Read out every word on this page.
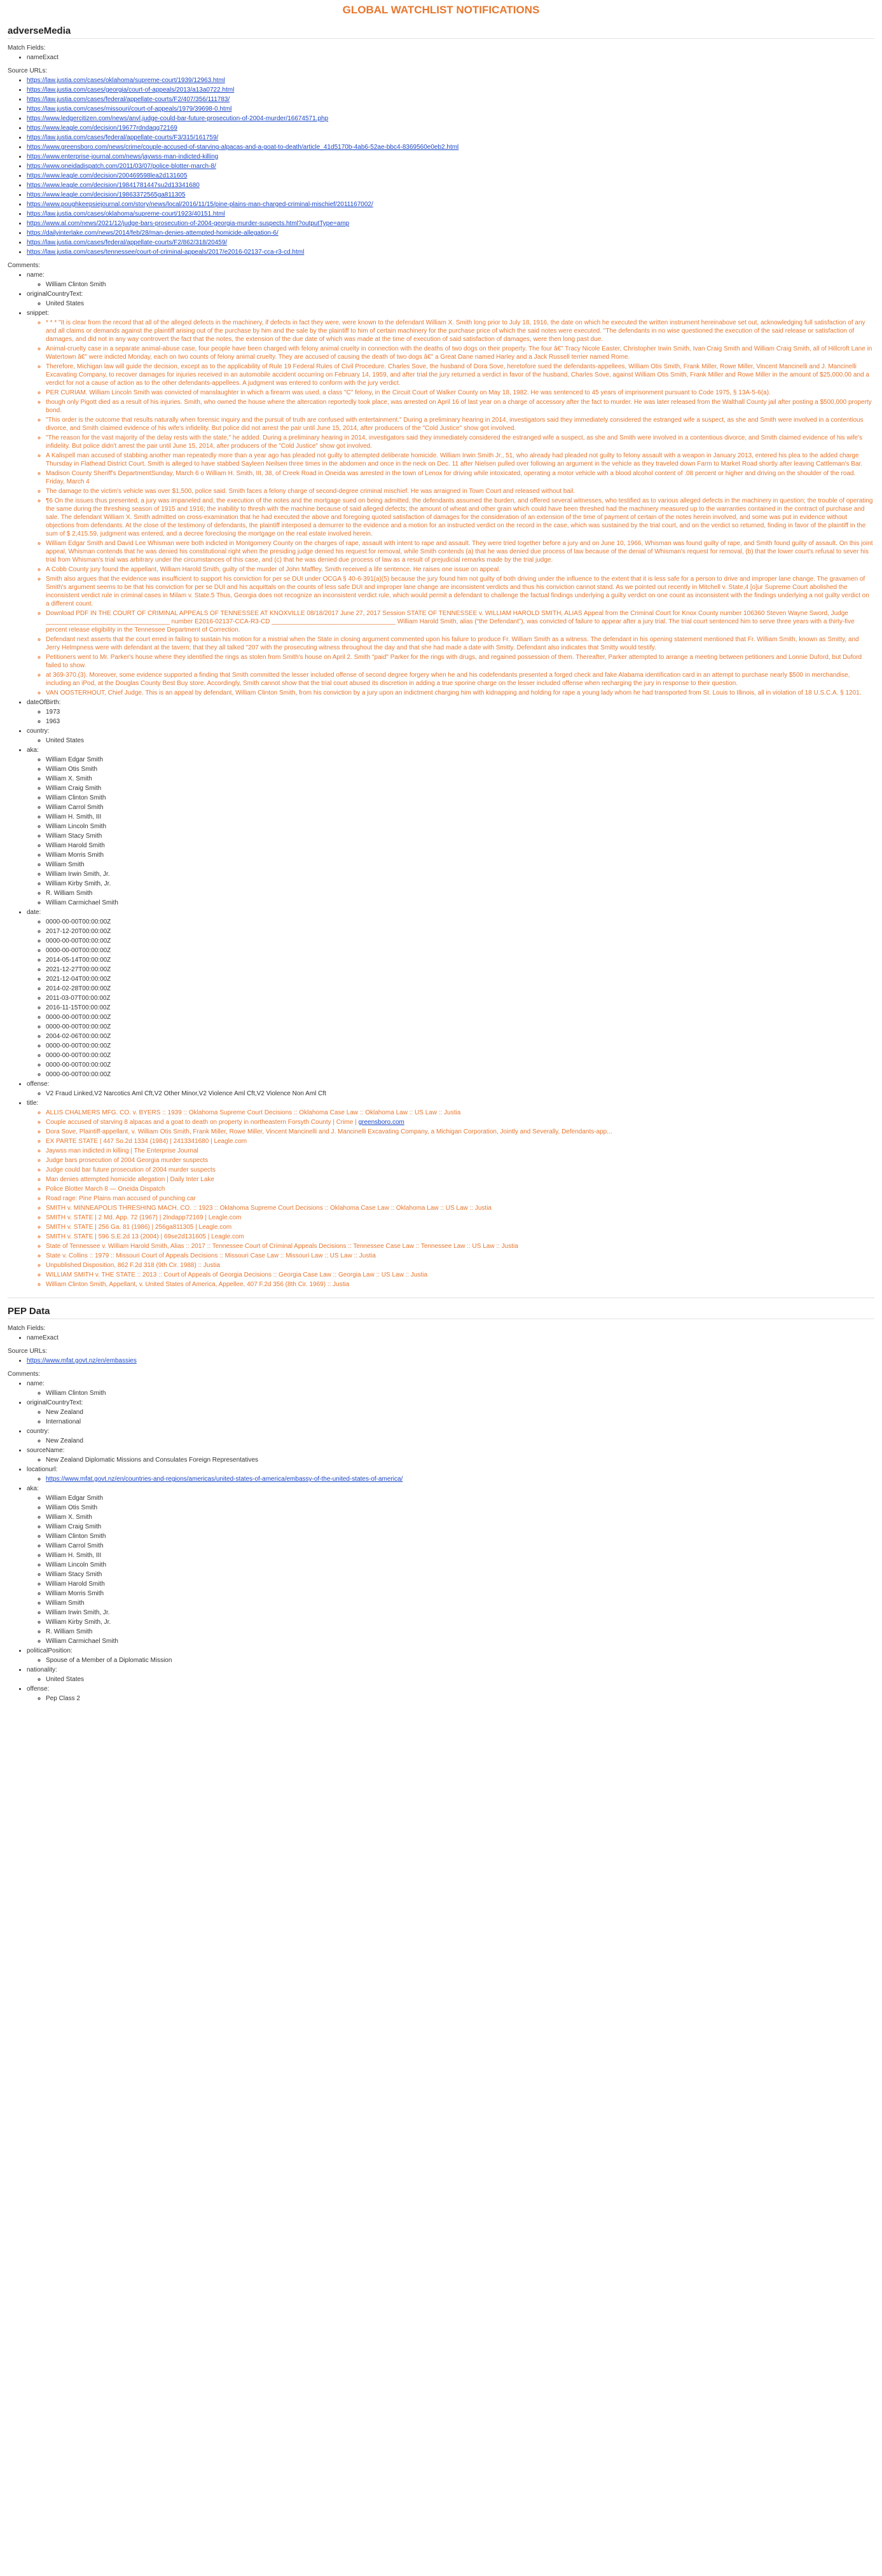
GLOBAL WATCHLIST NOTIFICATIONS
adverseMedia
Match Fields:
• nameExact
Source URLs:
• https://law.justia.com/cases/oklahoma/supreme-court/1939/12963.html
• https://law.justia.com/cases/georgia/court-of-appeals/2013/a13a0722.html
• https://law.justia.com/cases/federal/appellate-courts/F2/407/356/111783/
• https://law.justia.com/cases/missouri/court-of-appeals/1979/39698-0.html
• https://www.ledgercitizen.com/news/anvl.judge-could-bar-future-prosecution-of-2004-murder/16674571.php
• https://www.leagle.com/decision/19677rdndaqq72169
• https://law.justia.com/cases/federal/appellate-courts/F3/315/161759/
• https://www.greensboro.com/news/crime/couple-accused-of-starving-alpacas-and-a-goat-to-death/article_41d5170b-4ab6-52ae-bbc4-8369560e0eb2.html
• https://www.enterprise-journal.com/news/jaywss-man-indicted-killing
• https://www.oneidadispatch.com/2011/03/07/police-blotter-march-8/
• https://www.leagle.com/decision/200469598lea2d131605
• https://www.leagle.com/decision/19841781447su2d13341680
• https://www.leagle.com/decision/19863372565ga811305
• https://www.poughkeepsiejournal.com/story/news/local/2016/11/15/pine-plains-man-charged-criminal-mischief/2011167002/
• https://law.justia.com/cases/oklahoma/supreme-court/1923/40151.html
• https://www.al.com/news/2021/12/judge-bars-prosecution-of-2004-georgia-murder-suspects.html?outputType=amp
• https://dailyinterlake.com/news/2014/feb/28/man-denies-attempted-homicide-allegation-6/
• https://law.justia.com/cases/federal/appellate-courts/F2/862/318/20459/
• https://law.justia.com/cases/tennessee/court-of-criminal-appeals/2017/e2016-02137-cca-r3-cd.html
Comments:
• name:
◦ William Clinton Smith
• originalCountryText:
◦ United States
• snippet:
◦ * * * "It is clear from the record that all of the alleged defects in the machinery, if defects in fact they were, were known to the defendant William X. Smith long prior to July 18, 1916, the date on which he executed the written instrument hereinabove set out, acknowledging full satisfaction of any and all claims or demands against the plaintiff arising out of the purchase by him and the sale by the plaintiff to him of certain machinery for the purchase price of which the said notes were executed. "The defendants in no wise questioned the execution of the said release or satisfaction of damages, and did not in any way controvert the fact that the notes, the extension of the due date of which was made at the time of execution of said satisfaction of damages, were then long past due.
◦ Animal-cruelty case in a separate animal-abuse case, four people have been charged with felony animal cruelty in connection with the deaths of two dogs on their property. The four â€" Tracy Nicole Easter, Christopher Irwin Smith, Ivan Craig Smith and William Craig Smith, all of Hillcroft Lane in Watertown â€" were indicted Monday, each on two counts of felony animal cruelty. They are accused of causing the death of two dogs â€" a Great Dane named Harley and a Jack Russell terrier named Rome.
◦ Therefore, Michigan law will guide the decision, except as to the applicability of Rule 19 Federal Rules of Civil Procedure. Charles Sove, the husband of Dora Sove, heretofore sued the defendants-appellees, William Otis Smith, Frank Miller, Rowe Miller, Vincent Mancinelli and J. Mancinelli Excavating Company, to recover damages for injuries received in an automobile accident occurring on February 14, 1959, and after trial the jury returned a verdict in favor of the husband, Charles Sove, against William Otis Smith, Frank Miller and Rowe Miller in the amount of $25,000.00 and a verdict for not a cause of action as to the other defendants-appellees. A judgment was entered to conform with the jury verdict.
◦ PER CURIAM. William Lincoln Smith was convicted of manslaughter in which a firearm was used, a class "C" felony, in the Circuit Court of Walker County on May 18, 1982. He was sentenced to 45 years of imprisonment pursuant to Code 1975, § 13A-5-6(a).
◦ though only Pigott died as a result of his injuries. Smith, who owned the house where the altercation reportedly took place, was arrested on April 16 of last year on a charge of accessory after the fact to murder. He was later released from the Walthall County jail after posting a $500,000 property bond.
◦ "This order is the outcome that results naturally when forensic inquiry and the pursuit of truth are confused with entertainment." During a preliminary hearing in 2014, investigators said they immediately considered the estranged wife a suspect, as she and Smith were involved in a contentious divorce, and Smith claimed evidence of his wife's infidelity. But police did not arrest the pair until June 15, 2014, after producers of the "Cold Justice" show got involved.
◦ "The reason for the vast majority of the delay rests with the state," he added. During a preliminary hearing in 2014, investigators said they immediately considered the estranged wife a suspect, as she and Smith were involved in a contentious divorce, and Smith claimed evidence of his wife's infidelity. But police didn't arrest the pair until June 15, 2014, after producers of the "Cold Justice" show got involved.
◦ A Kalispell man accused of stabbing another man repeatedly more than a year ago has pleaded not guilty to attempted deliberate homicide. William Irwin Smith Jr., 51, who already had pleaded not guilty to felony assault with a weapon in January 2013, entered his plea to the added charge Thursday in Flathead District Court. Smith is alleged to have stabbed Sayleen Neilsen three times in the abdomen and once in the neck on Dec. 11 after Nielsen pulled over following an argument in the vehicle as they traveled down Farm to Market Road shortly after leaving Cattleman's Bar.
◦ Madison County Sheriff's DepartmentSunday, March 6 o William H. Smith, III, 38, of Creek Road in Oneida was arrested in the town of Lenox for driving while intoxicated, operating a motor vehicle with a blood alcohol content of .08 percent or higher and driving on the shoulder of the road. Friday, March 4
◦ The damage to the victim's vehicle was over $1,500, police said. Smith faces a felony charge of second-degree criminal mischief. He was arraigned in Town Court and released without bail.
◦ ¶6 On the issues thus presented, a jury was impaneled and, the execution of the notes and the mortgage sued on being admitted, the defendants assumed the burden, and offered several witnesses, who testified as to various alleged defects in the machinery in question; the trouble of operating the same during the threshing season of 1915 and 1916; the inability to thresh with the machine because of said alleged defects; the amount of wheat and other grain which could have been threshed had the machinery measured up to the warranties contained in the contract of purchase and sale. The defendant William X. Smith admitted on cross-examination that he had executed the above and foregoing quoted satisfaction of damages for the consideration of an extension of the time of payment of certain of the notes herein involved, and some was put in evidence without objections from defendants. At the close of the testimony of defendants, the plaintiff interposed a demurrer to the evidence and a motion for an instructed verdict on the record in the case, which was sustained by the trial court, and on the verdict so returned, finding in favor of the plaintiff in the sum of $ 2,415.59, judgment was entered, and a decree foreclosing the mortgage on the real estate involved herein.
◦ William Edgar Smith and David Lee Whisman were both indicted in Montgomery County on the charges of rape, assault with intent to rape and assault. They were tried together before a jury and on June 10, 1966, Whisman was found guilty of rape, and Smith found guilty of assault. On this joint appeal, Whisman contends that he was denied his constitutional right when the presiding judge denied his request for removal, while Smith contends (a) that he was denied due process of law because of the denial of Whisman's request for removal, (b) that the lower court's refusal to sever his trial from Whisman's trial was arbitrary under the circumstances of this case, and (c) that he was denied due process of law as a result of prejudicial remarks made by the trial judge.
◦ A Cobb County jury found the appellant, William Harold Smith, guilty of the murder of John Maffley. Smith received a life sentence. He raises one issue on appeal.
◦ Smith also argues that the evidence was insufficient to support his conviction for per se DUI under OCGA § 40-6-391(a)(5) because the jury found him not guilty of both driving under the influence to the extent that it is less safe for a person to drive and improper lane change. The gravamen of Smith's argument seems to be that his conviction for per se DUI and his acquittals on the counts of less safe DUI and improper lane change are inconsistent verdicts and thus his conviction cannot stand. As we pointed out recently in Mitchell v. State,4 [o]ur Supreme Court abolished the inconsistent verdict rule in criminal cases in Milam v. State.5 Thus, Georgia does not recognize an inconsistent verdict rule, which would permit a defendant to challenge the factual findings underlying a guilty verdict on one count as inconsistent with the findings underlying a not guilty verdict on a different count.
◦ Download PDF IN THE COURT OF CRIMINAL APPEALS OF TENNESSEE AT KNOXVILLE 08/18/2017 June 27, 2017 Session STATE OF TENNESSEE v. WILLIAM HAROLD SMITH, ALIAS Appeal from the Criminal Court for Knox County number 106360 Steven Wayne Sword, Judge ___________________________________ number E2016-02137-CCA-R3-CD ___________________________________ William Harold Smith, alias (“the Defendant”), was convicted of failure to appear after a jury trial. The trial court sentenced him to serve three years with a thirty-five percent release eligibility in the Tennessee Department of Correction.
◦ Defendant next asserts that the court erred in failing to sustain his motion for a mistrial when the State in closing argument commented upon his failure to produce Fr. William Smith as a witness. The defendant in his opening statement mentioned that Fr. William Smith, known as Smitty, and Jerry Helmpness were with defendant at the tavern; that they all talked "207 with the prosecuting witness throughout the day and that she had made a date with Smitty. Defendant also indicates that Smitty would testify.
◦ Petitioners went to Mr. Parker's house where they identified the rings as stolen from Smith's house on April 2. Smith "paid" Parker for the rings with drugs, and regained possession of them. Thereafter, Parker attempted to arrange a meeting between petitioners and Lonnie Duford, but Duford failed to show.
◦ at 369-370.(3). Moreover, some evidence supported a finding that Smith committed the lesser included offense of second degree forgery when he and his codefendants presented a forged check and fake Alabama identification card in an attempt to purchase nearly $500 in merchandise, including an iPod, at the Douglas County Best Buy store. Accordingly, Smith cannot show that the trial court abused its discretion in adding a true sporine charge on the lesser included offense when recharging the jury in response to their question.
◦ VAN OOSTERHOUT, Chief Judge. This is an appeal by defendant, William Clinton Smith, from his conviction by a jury upon an indictment charging him with kidnapping and holding for rape a young lady whom he had transported from St. Louis to Illinois, all in violation of 18 U.S.C.A. § 1201.
• dateOfBirth:
◦ 1973
◦ 1963
• country:
◦ United States
• aka:
◦ William Edgar Smith
◦ William Otis Smith
◦ William X. Smith
◦ William Craig Smith
◦ William Clinton Smith
◦ William Carrol Smith
◦ William H. Smith, III
◦ William Lincoln Smith
◦ William Stacy Smith
◦ William Harold Smith
◦ William Morris Smith
◦ William Smith
◦ William Irwin Smith, Jr.
◦ William Kirby Smith, Jr.
◦ R. William Smith
◦ William Carmichael Smith
• date:
◦ 0000-00-00T00:00:00Z
◦ 2017-12-20T00:00:00Z
◦ 0000-00-00T00:00:00Z
◦ 0000-00-00T00:00:00Z
◦ 2014-05-14T00:00:00Z
◦ 2021-12-27T00:00:00Z
◦ 2021-12-04T00:00:00Z
◦ 2014-02-28T00:00:00Z
◦ 2011-03-07T00:00:00Z
◦ 2016-11-15T00:00:00Z
◦ 0000-00-00T00:00:00Z
◦ 0000-00-00T00:00:00Z
◦ 2004-02-06T00:00:00Z
◦ 0000-00-00T00:00:00Z
◦ 0000-00-00T00:00:00Z
◦ 0000-00-00T00:00:00Z
◦ 0000-00-00T00:00:00Z
• offense:
◦ V2 Fraud Linked,V2 Narcotics Aml Cft,V2 Other Minor,V2 Violence Aml Cft,V2 Violence Non Aml Cft
• title:
◦ ALLIS CHALMERS MFG. CO. v. BYERS :: 1939 :: Oklahoma Supreme Court Decisions :: Oklahoma Case Law :: Oklahoma Law :: US Law :: Justia
◦ Couple accused of starving 8 alpacas and a goat to death on property in northeastern Forsyth County | Crime | greensboro.com
◦ Dora Sove, Plaintiff-appellant, v. William Otis Smith, Frank Miller, Rowe Miller, Vincent Mancinelli and J. Mancinelli Excavating Company, a Michigan Corporation, Jointly and Severally, Defendants-app...
◦ EX PARTE STATE | 447 So.2d 1334 (1984) | 2413341680 | Leagle.com
◦ Jaywss man indicted in killing | The Enterprise Journal
◦ Judge bars prosecution of 2004 Georgia murder suspects
◦ Judge could bar future prosecution of 2004 murder suspects
◦ Man denies attempted homicide allegation | Daily Inter Lake
◦ Police Blotter March 8 — Oneida Dispatch
◦ Road rage: Pine Plains man accused of punching car
◦ SMITH v. MINNEAPOLIS THRESHING MACH. CO. :: 1923 :: Oklahoma Supreme Court Decisions :: Oklahoma Case Law :: Oklahoma Law :: US Law :: Justia
◦ SMITH v. STATE | 2 Md. App. 72 (1967) | 2lndapp72169 | Leagle.com
◦ SMITH v. STATE | 256 Ga. 81 (1986) | 256ga811305 | Leagle.com
◦ SMITH v. STATE | 596 S.E.2d 13 (2004) | 69se2d131605 | Leagle.com
◦ State of Tennessee v. William Harold Smith, Alias :: 2017 :: Tennessee Court of Criminal Appeals Decisions :: Tennessee Case Law :: Tennessee Law :: US Law :: Justia
◦ State v. Collins :: 1979 :: Missouri Court of Appeals Decisions :: Missouri Case Law :: Missouri Law :: US Law :: Justia
◦ Unpublished Disposition, 862 F.2d 318 (9th Cir. 1988) :: Justia
◦ WILLIAM SMITH v. THE STATE :: 2013 :: Court of Appeals of Georgia Decisions :: Georgia Case Law :: Georgia Law :: US Law :: Justia
◦ William Clinton Smith, Appellant, v. United States of America, Appellee, 407 F.2d 356 (8th Cir. 1969) :: Justia
PEP Data
Match Fields:
• nameExact
Source URLs:
• https://www.mfat.govt.nz/en/embassies
Comments:
• name:
◦ William Clinton Smith
• originalCountryText:
◦ New Zealand
◦ International
• country:
◦ New Zealand
• sourceName:
◦ New Zealand Diplomatic Missions and Consulates Foreign Representatives
• locationurl:
◦ https://www.mfat.govt.nz/en/countries-and-regions/americas/united-states-of-america/embassy-of-the-united-states-of-america/
• aka:
◦ William Edgar Smith
◦ William Otis Smith
◦ William X. Smith
◦ William Craig Smith
◦ William Clinton Smith
◦ William Carrol Smith
◦ William H. Smith, III
◦ William Lincoln Smith
◦ William Stacy Smith
◦ William Harold Smith
◦ William Morris Smith
◦ William Smith
◦ William Irwin Smith, Jr.
◦ William Kirby Smith, Jr.
◦ R. William Smith
◦ William Carmichael Smith
• politicalPosition:
◦ Spouse of a Member of a Diplomatic Mission
• nationality:
◦ United States
• offense:
◦ Pep Class 2
